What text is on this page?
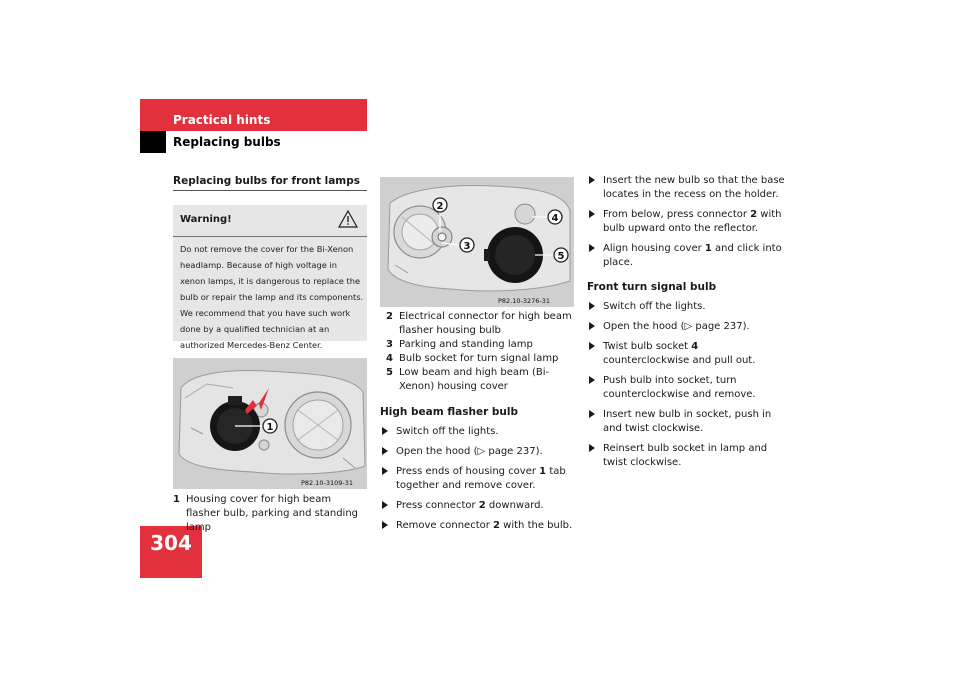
Practical hints
Replacing bulbs
304
Replacing bulbs for front lamps
Warning!
Do not remove the cover for the Bi-Xenon headlamp. Because of high voltage in xenon lamps, it is dangerous to replace the bulb or repair the lamp and its components. We recommend that you have such work done by a qualified technician at an authorized Mercedes-Benz Center.
1
P82.10-3109-31
1 Housing cover for high beam flasher bulb, parking and standing lamp
2
3
4
5
P82.10-3276-31
2 Electrical connector for high beam flasher housing bulb
3 Parking and standing lamp
4 Bulb socket for turn signal lamp
5 Low beam and high beam (Bi-Xenon) housing cover
High beam flasher bulb
Switch off the lights.
Open the hood (▷ page 237).
Press ends of housing cover 1 tab together and remove cover.
Press connector 2 downward.
Remove connector 2 with the bulb.
Insert the new bulb so that the base locates in the recess on the holder.
From below, press connector 2 with bulb upward onto the reflector.
Align housing cover 1 and click into place.
Front turn signal bulb
Switch off the lights.
Open the hood (▷ page 237).
Twist bulb socket 4 counterclockwise and pull out.
Push bulb into socket, turn counterclockwise and remove.
Insert new bulb in socket, push in and twist clockwise.
Reinsert bulb socket in lamp and twist clockwise.
